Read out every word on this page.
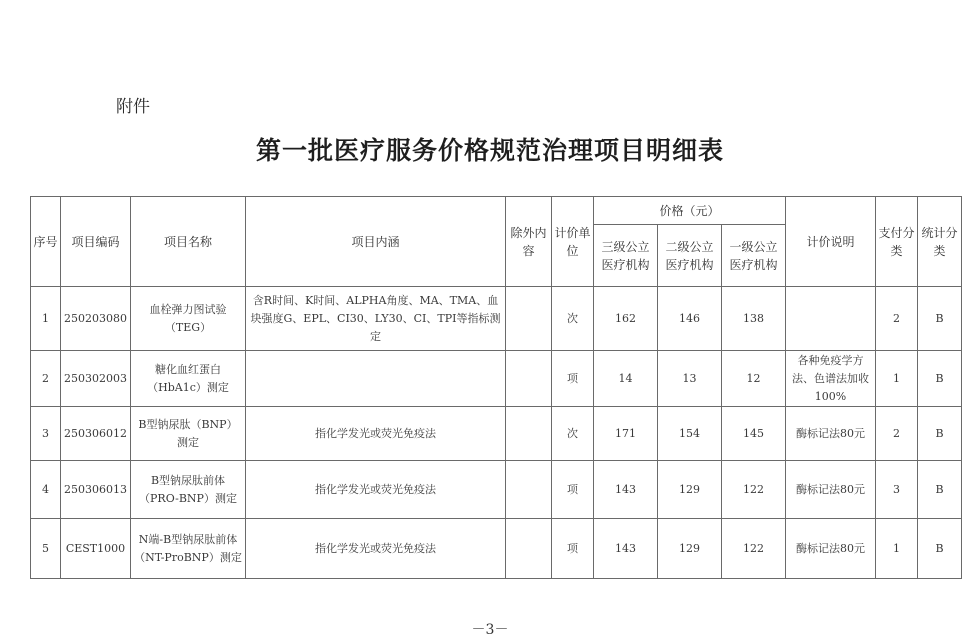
附件
第一批医疗服务价格规范治理项目明细表
序号	项目编码	项目名称	项目内涵	除外内容	计价单位	价格（元）			计价说明	支付分类	统计分类
						三级公立医疗机构	二级公立医疗机构	一级公立医疗机构			
1	250203080	血栓弹力图试验（TEG）	含R时间、K时间、ALPHA角度、MA、TMA、血块强度G、EPL、CI30、LY30、CI、TPI等指标测定		次	162	146	138		2	B
2	250302003	糖化血红蛋白（HbA1c）测定			项	14	13	12	各种免疫学方法、色谱法加收100%	1	B
3	250306012	B型钠尿肽（BNP）测定	指化学发光或荧光免疫法		次	171	154	145	酶标记法80元	2	B
4	250306013	B型钠尿肽前体（PRO-BNP）测定	指化学发光或荧光免疫法		项	143	129	122	酶标记法80元	3	B
5	CEST1000	N端-B型钠尿肽前体（NT-ProBNP）测定	指化学发光或荧光免疫法		项	143	129	122	酶标记法80元	1	B
－3－
